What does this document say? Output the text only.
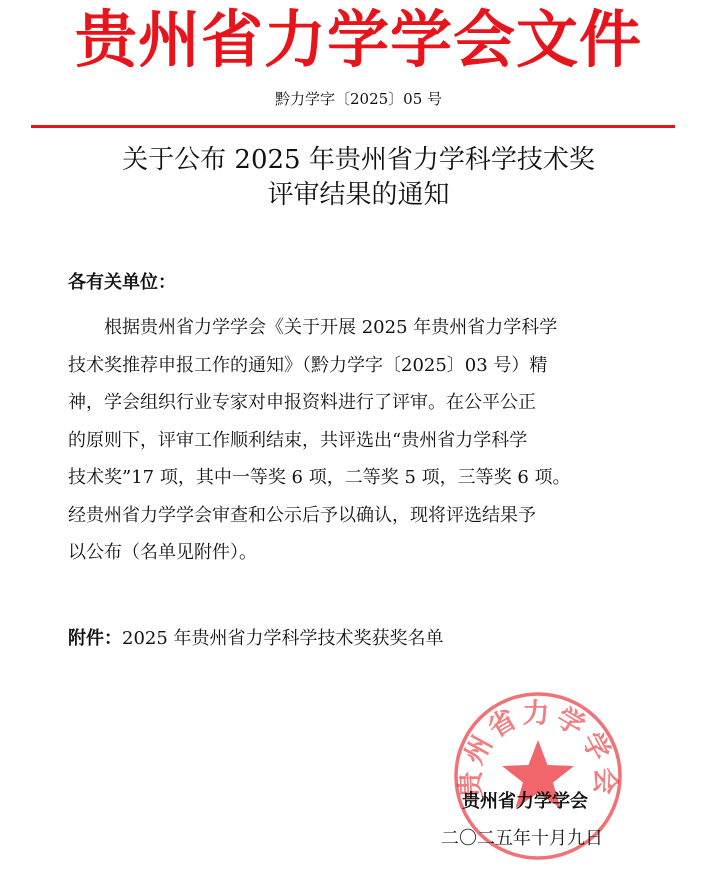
贵州省力学学会文件
黔力学字〔2025〕05 号
关于公布 2025 年贵州省力学科学技术奖
评审结果的通知
各有关单位：
根据贵州省力学学会《关于开展 2025 年贵州省力学科学
技术奖推荐申报工作的通知》（黔力学字〔2025〕03 号）精
神，学会组织行业专家对申报资料进行了评审。在公平公正
的原则下，评审工作顺利结束，共评选出“贵州省力学科学
技术奖”17 项，其中一等奖 6 项，二等奖 5 项，三等奖 6 项。
经贵州省力学学会审查和公示后予以确认，现将评选结果予
以公布（名单见附件）。
附件：2025 年贵州省力学科学技术奖获奖名单
贵州省力学学会
贵州省力学学会
二〇二五年十月九日
